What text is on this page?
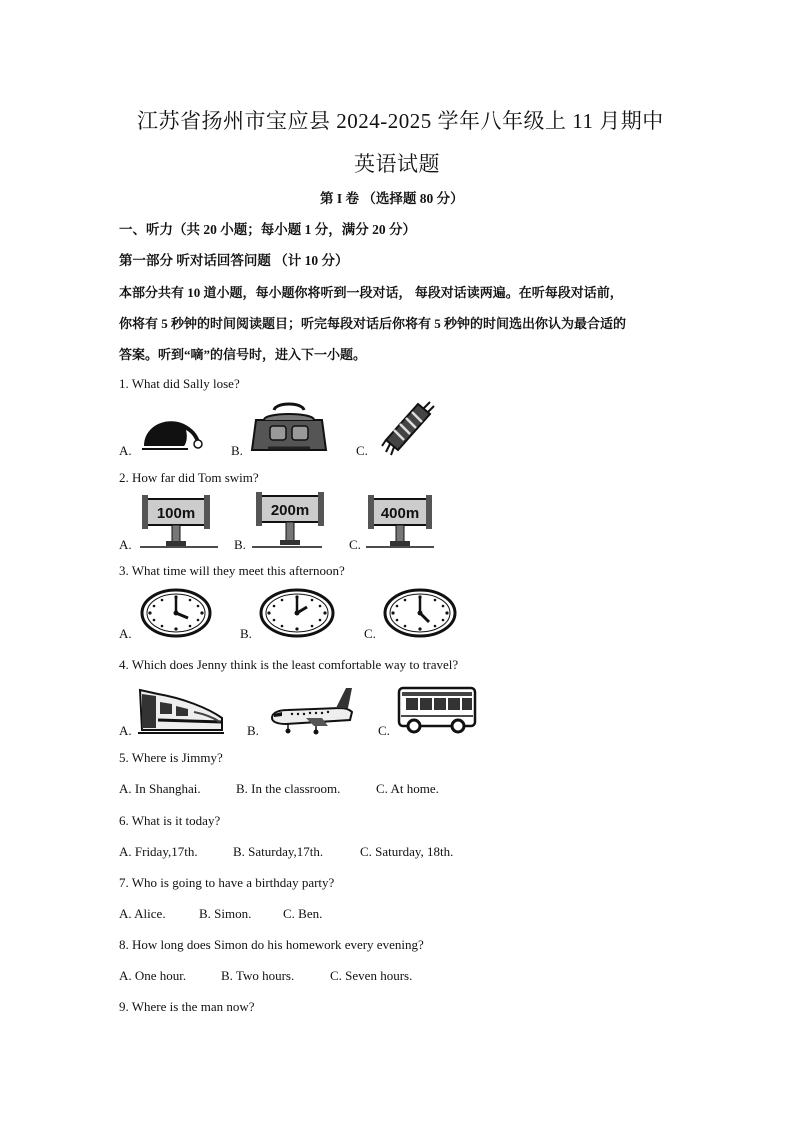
江苏省扬州市宝应县 2024-2025 学年八年级上 11 月期中
英语试题
第 I 卷 （选择题 80 分）
一、听力（共 20 小题；每小题 1 分，满分 20 分）
第一部分 听对话回答问题 （计 10 分）
本部分共有 10 道小题，每小题你将听到一段对话， 每段对话读两遍。在听每段对话前，
你将有 5 秒钟的时间阅读题目；听完每段对话后你将有 5 秒钟的时间选出你认为最合适的
答案。听到“嘀”的信号时，进入下一小题。
1. What did Sally lose?
A.	B.	C.
2. How far did Tom swim?
A.	B.	C.
100m	200m	400m
3. What time will they meet this afternoon?
A.	B.	C.
4. Which does Jenny think is the least comfortable way to travel?
A.	B.	C.
5. Where is Jimmy?
A. In Shanghai.	B. In the classroom.	C. At home.
6. What is it today?
A. Friday,17th.	B. Saturday,17th.	C. Saturday, 18th.
7. Who is going to have a birthday party?
A. Alice.	B. Simon. C. Ben.
8. How long does Simon do his homework every evening?
A. One hour.	B. Two hours.	C. Seven hours.
9. Where is the man now?
